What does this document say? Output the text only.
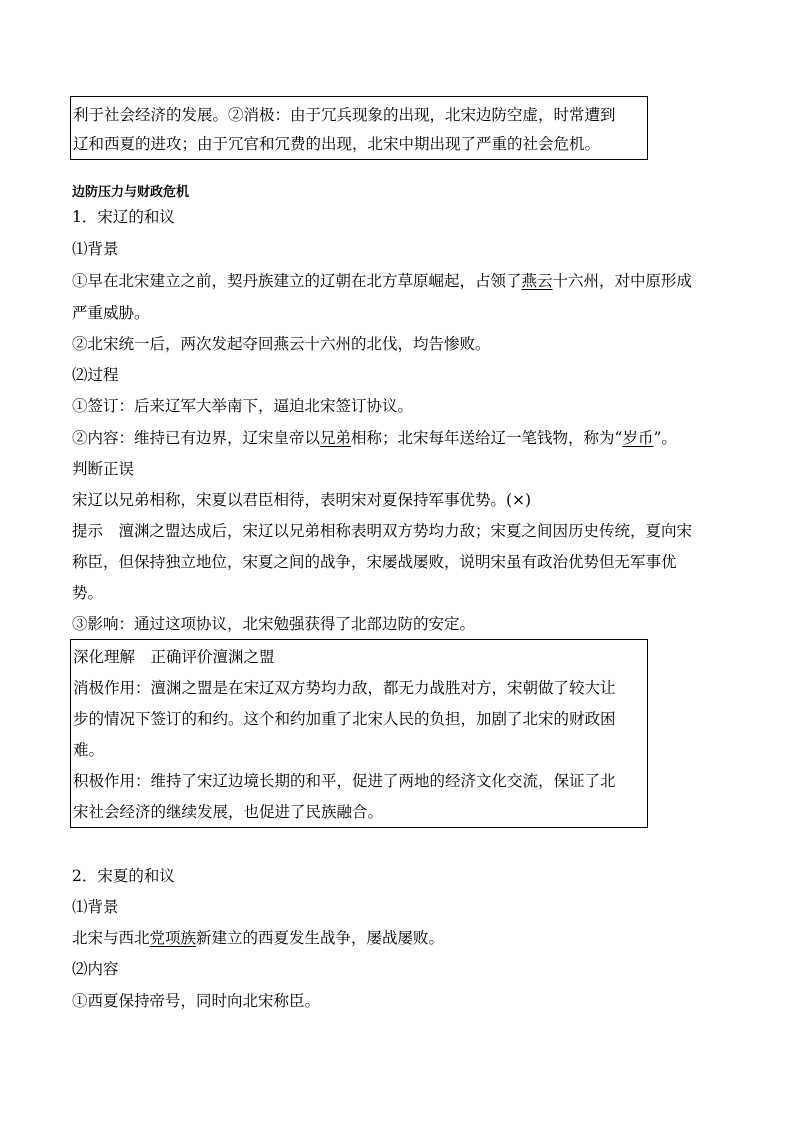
利于社会经济的发展。②消极：由于冗兵现象的出现，北宋边防空虚，时常遭到
辽和西夏的进攻；由于冗官和冗费的出现，北宋中期出现了严重的社会危机。
边防压力与财政危机
1．宋辽的和议
⑴背景
①早在北宋建立之前，契丹族建立的辽朝在北方草原崛起，占领了燕云十六州，对中原形成
严重威胁。
②北宋统一后，两次发起夺回燕云十六州的北伐，均告惨败。
⑵过程
①签订：后来辽军大举南下，逼迫北宋签订协议。
②内容：维持已有边界，辽宋皇帝以兄弟相称；北宋每年送给辽一笔钱物，称为“岁币”。
判断正误
宋辽以兄弟相称，宋夏以君臣相待，表明宋对夏保持军事优势。(×)
提示　澶渊之盟达成后，宋辽以兄弟相称表明双方势均力敌；宋夏之间因历史传统，夏向宋
称臣，但保持独立地位，宋夏之间的战争，宋屡战屡败，说明宋虽有政治优势但无军事优
势。
③影响：通过这项协议，北宋勉强获得了北部边防的安定。
深化理解　正确评价澶渊之盟
消极作用：澶渊之盟是在宋辽双方势均力敌，都无力战胜对方，宋朝做了较大让
步的情况下签订的和约。这个和约加重了北宋人民的负担，加剧了北宋的财政困
难。
积极作用：维持了宋辽边境长期的和平，促进了两地的经济文化交流，保证了北
宋社会经济的继续发展，也促进了民族融合。
2．宋夏的和议
⑴背景
北宋与西北党项族新建立的西夏发生战争，屡战屡败。
⑵内容
①西夏保持帝号，同时向北宋称臣。
